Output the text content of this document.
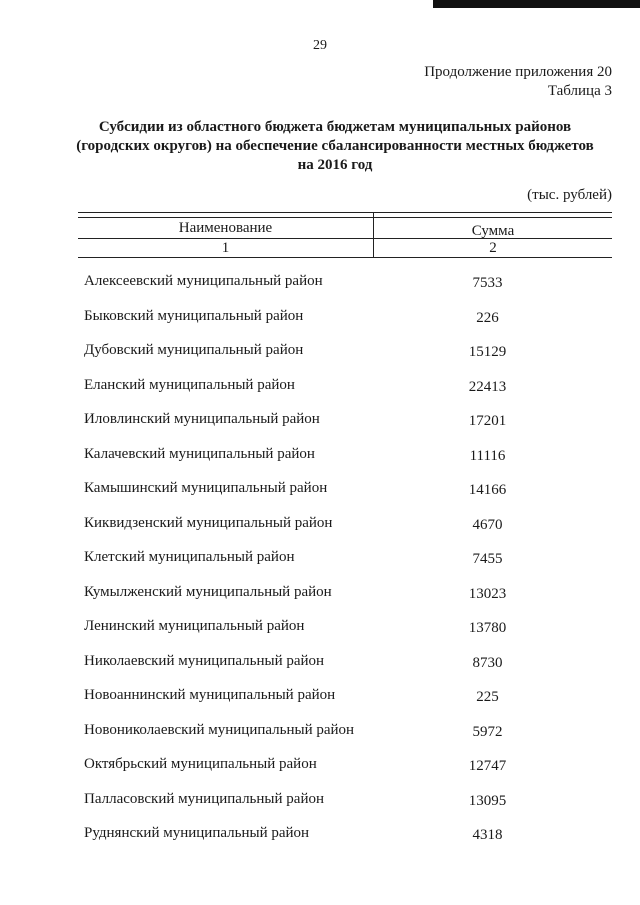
29
Продолжение приложения 20
Таблица 3
Субсидии из областного бюджета бюджетам муниципальных районов
(городских округов) на обеспечение сбалансированности местных бюджетов
на 2016 год
(тыс. рублей)
Наименование	Сумма
1	2
Алексеевский муниципальный район	7533
Быковский муниципальный район	226
Дубовский муниципальный район	15129
Еланский муниципальный район	22413
Иловлинский муниципальный район	17201
Калачевский муниципальный район	11116
Камышинский муниципальный район	14166
Киквидзенский муниципальный район	4670
Клетский муниципальный район	7455
Кумылженский муниципальный район	13023
Ленинский муниципальный район	13780
Николаевский муниципальный район	8730
Новоаннинский муниципальный район	225
Новониколаевский муниципальный район	5972
Октябрьский муниципальный район	12747
Палласовский муниципальный район	13095
Руднянский муниципальный район	4318
